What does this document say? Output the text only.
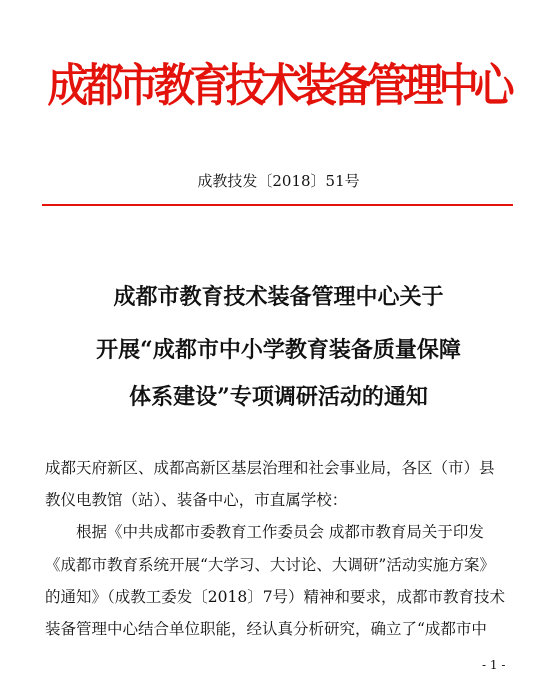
成都市教育技术装备管理中心
成教技发〔2018〕51号
成都市教育技术装备管理中心关于
开展“成都市中小学教育装备质量保障
体系建设”专项调研活动的通知
成都天府新区、成都高新区基层治理和社会事业局，各区（市）县
教仪电教馆（站）、装备中心，市直属学校：
根据《中共成都市委教育工作委员会 成都市教育局关于印发
《成都市教育系统开展“大学习、大讨论、大调研”活动实施方案》
的通知》（成教工委发〔2018〕7号）精神和要求，成都市教育技术
装备管理中心结合单位职能，经认真分析研究，确立了“成都市中
- 1 -
